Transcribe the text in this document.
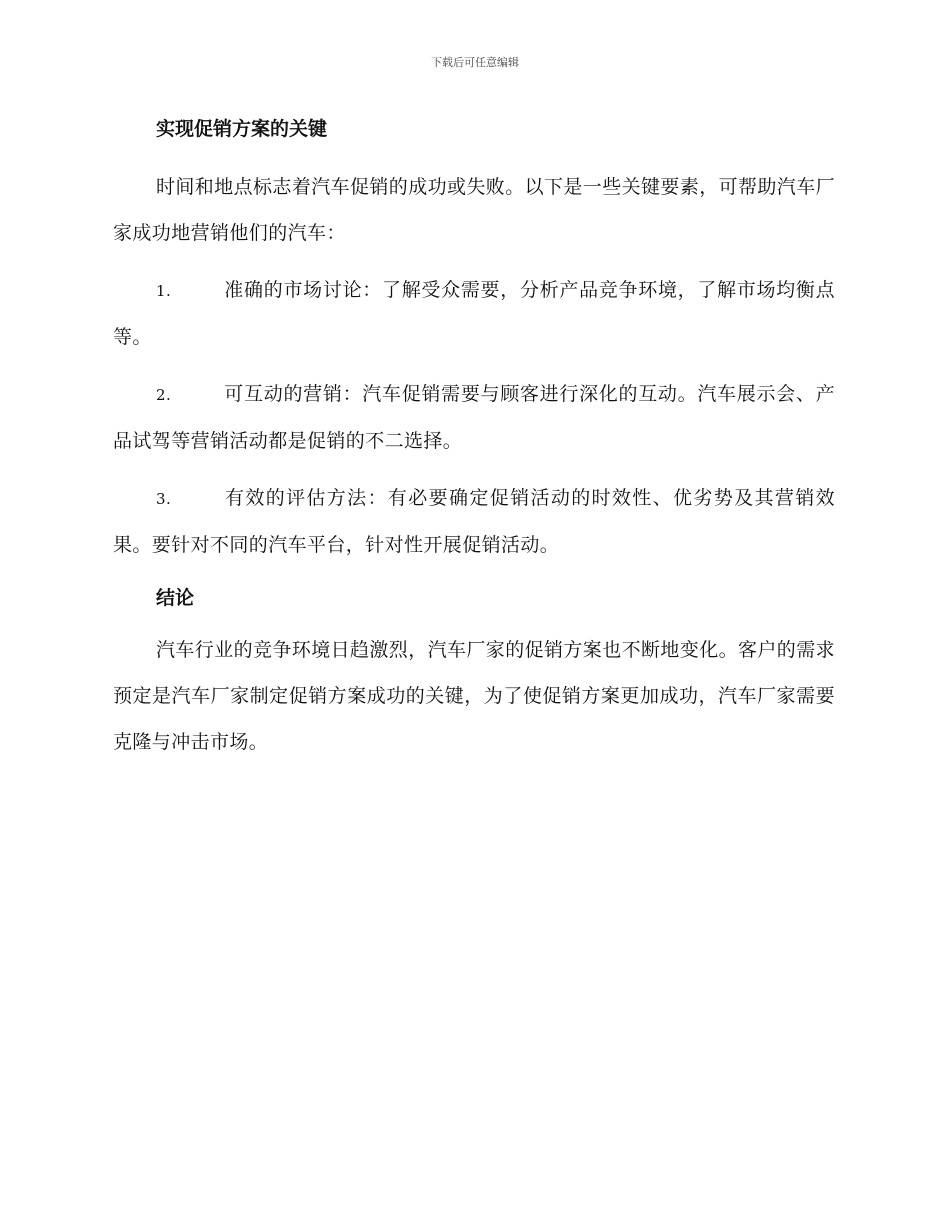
下载后可任意编辑
实现促销方案的关键

时间和地点标志着汽车促销的成功或失败。以下是一些关键要素，可帮助汽车厂家成功地营销他们的汽车：

1.	准确的市场讨论：了解受众需要，分析产品竞争环境，了解市场均衡点等。

2.	可互动的营销：汽车促销需要与顾客进行深化的互动。汽车展示会、产品试驾等营销活动都是促销的不二选择。

3.	有效的评估方法：有必要确定促销活动的时效性、优劣势及其营销效果。要针对不同的汽车平台，针对性开展促销活动。

结论

汽车行业的竞争环境日趋激烈，汽车厂家的促销方案也不断地变化。客户的需求预定是汽车厂家制定促销方案成功的关键，为了使促销方案更加成功，汽车厂家需要克隆与冲击市场。
